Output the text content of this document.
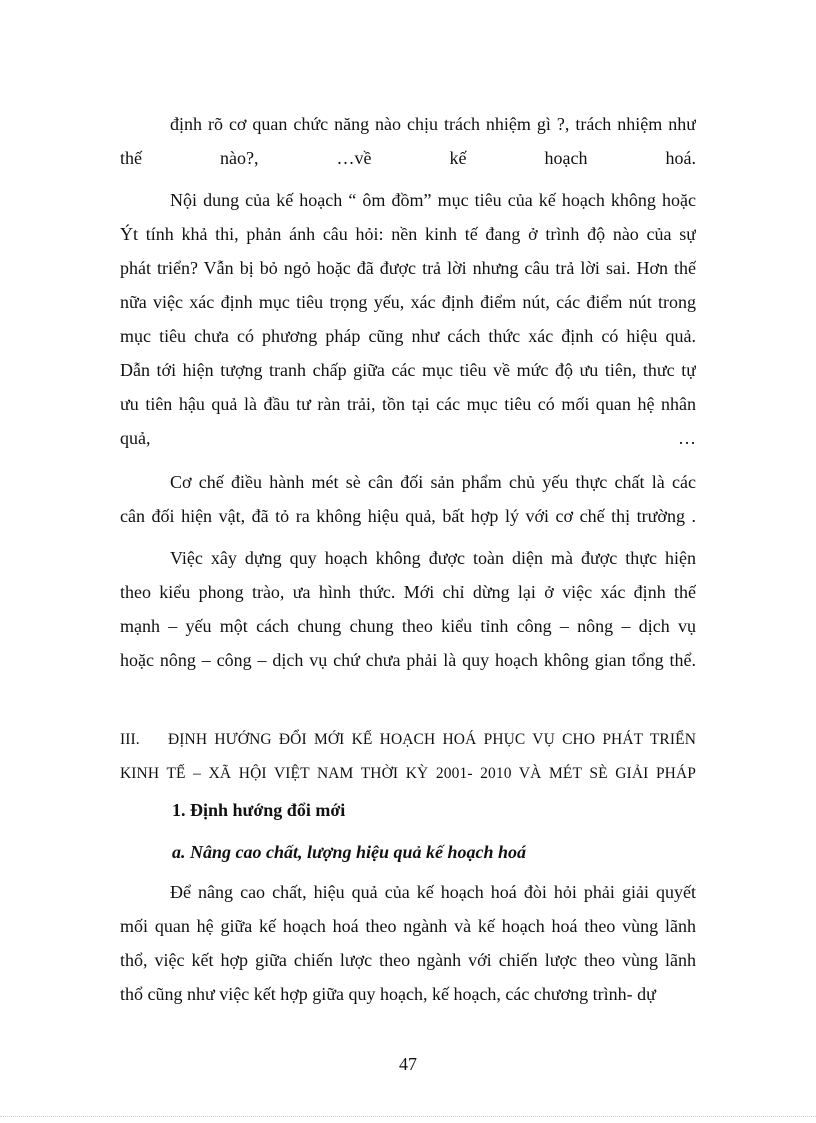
định rõ cơ quan chức năng nào chịu trách nhiệm gì ?, trách nhiệm như
thế nào?, …về kế hoạch hoá.
Nội dung của kế hoạch “ ôm đồm” mục tiêu của kế hoạch không hoặc
Ýt tính khả thi, phản ánh câu hỏi: nền kinh tế đang ở trình độ nào của sự
phát triển? Vẫn bị bỏ ngỏ hoặc đã được trả lời nhưng câu trả lời sai. Hơn thế
nữa việc xác định mục tiêu trọng yếu, xác định điểm nút, các điểm nút trong
mục tiêu chưa có phương pháp cũng như cách thức xác định có hiệu quả.
Dẫn tới hiện tượng tranh chấp giữa các mục tiêu về mức độ ưu tiên, thưc tự
ưu tiên hậu quả là đầu tư ràn trải, tồn tại các mục tiêu có mối quan hệ nhân
quả, …
Cơ chế điều hành mét sè cân đối sản phẩm chủ yếu thực chất là các
cân đối hiện vật, đã tỏ ra không hiệu quả, bất hợp lý với cơ chế thị trường .
Việc xây dựng quy hoạch không được toàn diện mà được thực hiện
theo kiểu phong trào, ưa hình thức. Mới chỉ dừng lại ở việc xác định thế
mạnh – yếu một cách chung chung theo kiểu tỉnh công – nông – dịch vụ
hoặc nông – công – dịch vụ chứ chưa phải là quy hoạch không gian tổng thể.
III.	ĐỊNH HƯỚNG ĐỔI MỚI KẾ HOẠCH HOÁ PHỤC VỤ CHO PHÁT TRIỂN
KINH TẾ – XÃ HỘI VIỆT NAM THỜI KỲ 2001- 2010 VÀ MÉT SÈ GIẢI PHÁP
1. Định hướng đổi mới
a. Nâng cao chất, lượng hiệu quả kế hoạch hoá
Để nâng cao chất, hiệu quả của kế hoạch hoá đòi hỏi phải giải quyết
mối quan hệ giữa kế hoạch hoá theo ngành và kế hoạch hoá theo vùng lãnh
thổ, việc kết hợp giữa chiến lược theo ngành với chiến lược theo vùng lãnh
thổ cũng như việc kết hợp giữa quy hoạch, kế hoạch, các chương trình- dự
47
